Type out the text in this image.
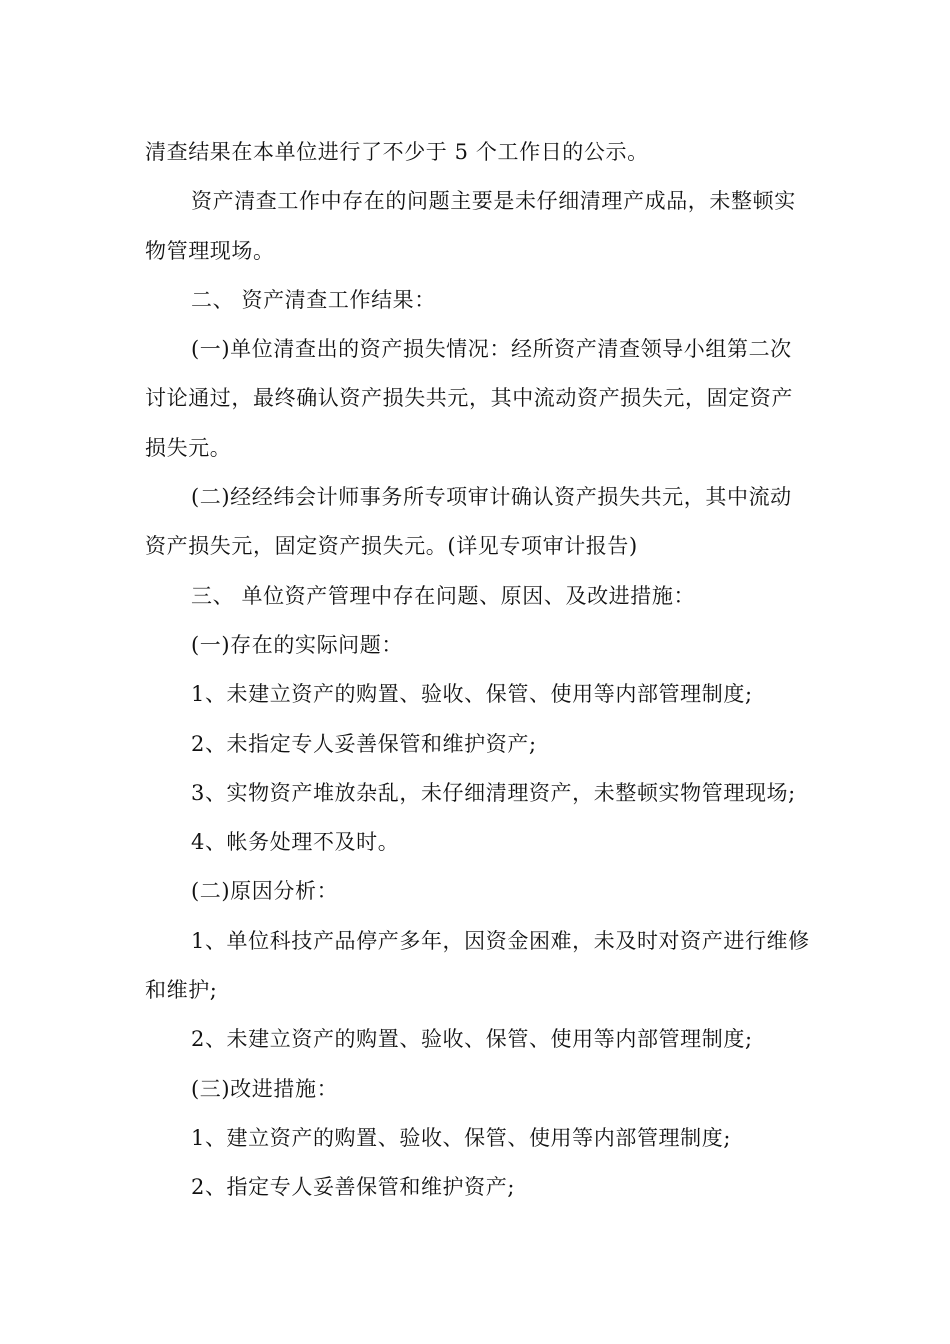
清查结果在本单位进行了不少于 5 个工作日的公示。

资产清查工作中存在的问题主要是未仔细清理产成品，未整顿实物管理现场。

二、 资产清查工作结果：

(一)单位清查出的资产损失情况：经所资产清查领导小组第二次讨论通过，最终确认资产损失共元，其中流动资产损失元，固定资产损失元。

(二)经经纬会计师事务所专项审计确认资产损失共元，其中流动资产损失元，固定资产损失元。(详见专项审计报告)

三、 单位资产管理中存在问题、原因、及改进措施：

(一)存在的实际问题：

1、未建立资产的购置、验收、保管、使用等内部管理制度;

2、未指定专人妥善保管和维护资产;

3、实物资产堆放杂乱，未仔细清理资产，未整顿实物管理现场;

4、帐务处理不及时。

(二)原因分析：

1、单位科技产品停产多年，因资金困难，未及时对资产进行维修和维护;

2、未建立资产的购置、验收、保管、使用等内部管理制度;

(三)改进措施：

1、建立资产的购置、验收、保管、使用等内部管理制度;

2、指定专人妥善保管和维护资产;
